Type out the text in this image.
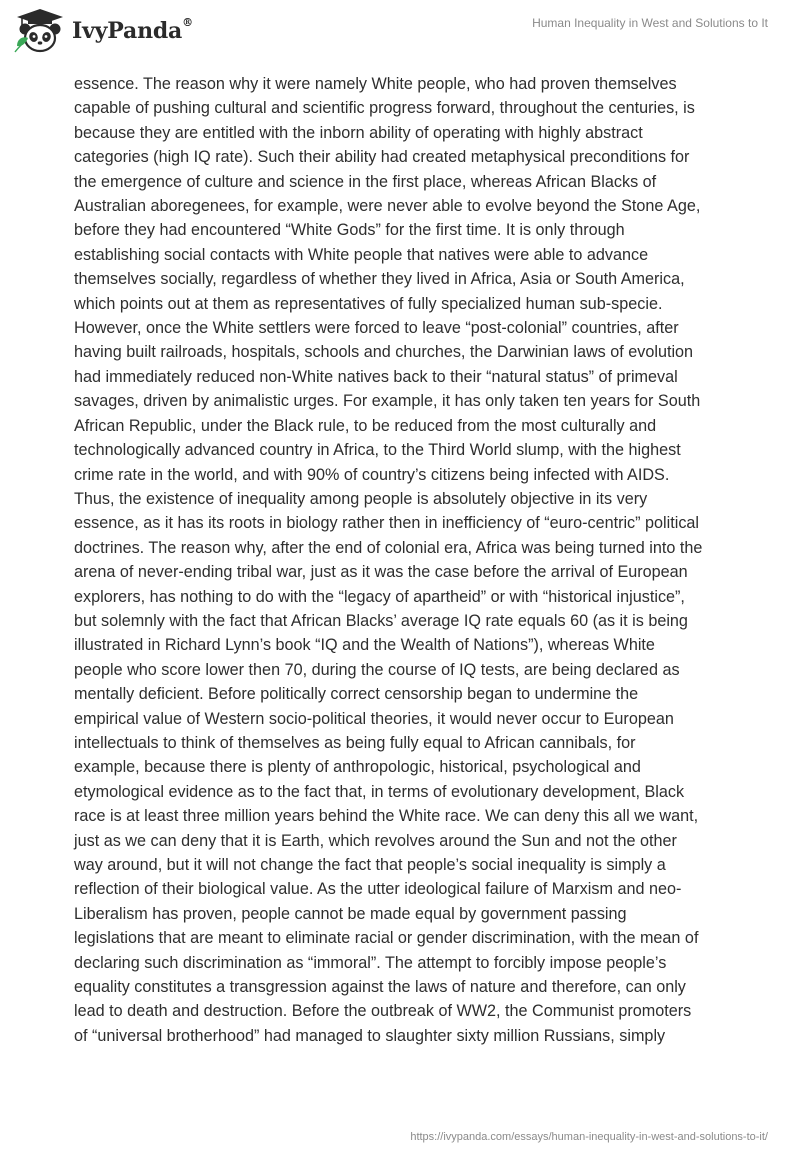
IvyPanda®	Human Inequality in West and Solutions to It
essence. The reason why it were namely White people, who had proven themselves
capable of pushing cultural and scientific progress forward, throughout the centuries, is
because they are entitled with the inborn ability of operating with highly abstract
categories (high IQ rate). Such their ability had created metaphysical preconditions for
the emergence of culture and science in the first place, whereas African Blacks of
Australian aboregenees, for example, were never able to evolve beyond the Stone Age,
before they had encountered “White Gods” for the first time. It is only through
establishing social contacts with White people that natives were able to advance
themselves socially, regardless of whether they lived in Africa, Asia or South America,
which points out at them as representatives of fully specialized human sub-specie.
However, once the White settlers were forced to leave “post-colonial” countries, after
having built railroads, hospitals, schools and churches, the Darwinian laws of evolution
had immediately reduced non-White natives back to their “natural status” of primeval
savages, driven by animalistic urges. For example, it has only taken ten years for South
African Republic, under the Black rule, to be reduced from the most culturally and
technologically advanced country in Africa, to the Third World slump, with the highest
crime rate in the world, and with 90% of country’s citizens being infected with AIDS.
Thus, the existence of inequality among people is absolutely objective in its very
essence, as it has its roots in biology rather then in inefficiency of “euro-centric” political
doctrines. The reason why, after the end of colonial era, Africa was being turned into the
arena of never-ending tribal war, just as it was the case before the arrival of European
explorers, has nothing to do with the “legacy of apartheid” or with “historical injustice”,
but solemnly with the fact that African Blacks’ average IQ rate equals 60 (as it is being
illustrated in Richard Lynn’s book “IQ and the Wealth of Nations”), whereas White
people who score lower then 70, during the course of IQ tests, are being declared as
mentally deficient. Before politically correct censorship began to undermine the
empirical value of Western socio-political theories, it would never occur to European
intellectuals to think of themselves as being fully equal to African cannibals, for
example, because there is plenty of anthropologic, historical, psychological and
etymological evidence as to the fact that, in terms of evolutionary development, Black
race is at least three million years behind the White race. We can deny this all we want,
just as we can deny that it is Earth, which revolves around the Sun and not the other
way around, but it will not change the fact that people’s social inequality is simply a
reflection of their biological value. As the utter ideological failure of Marxism and neo-
Liberalism has proven, people cannot be made equal by government passing
legislations that are meant to eliminate racial or gender discrimination, with the mean of
declaring such discrimination as “immoral”. The attempt to forcibly impose people’s
equality constitutes a transgression against the laws of nature and therefore, can only
lead to death and destruction. Before the outbreak of WW2, the Communist promoters
of “universal brotherhood” had managed to slaughter sixty million Russians, simply
https://ivypanda.com/essays/human-inequality-in-west-and-solutions-to-it/
